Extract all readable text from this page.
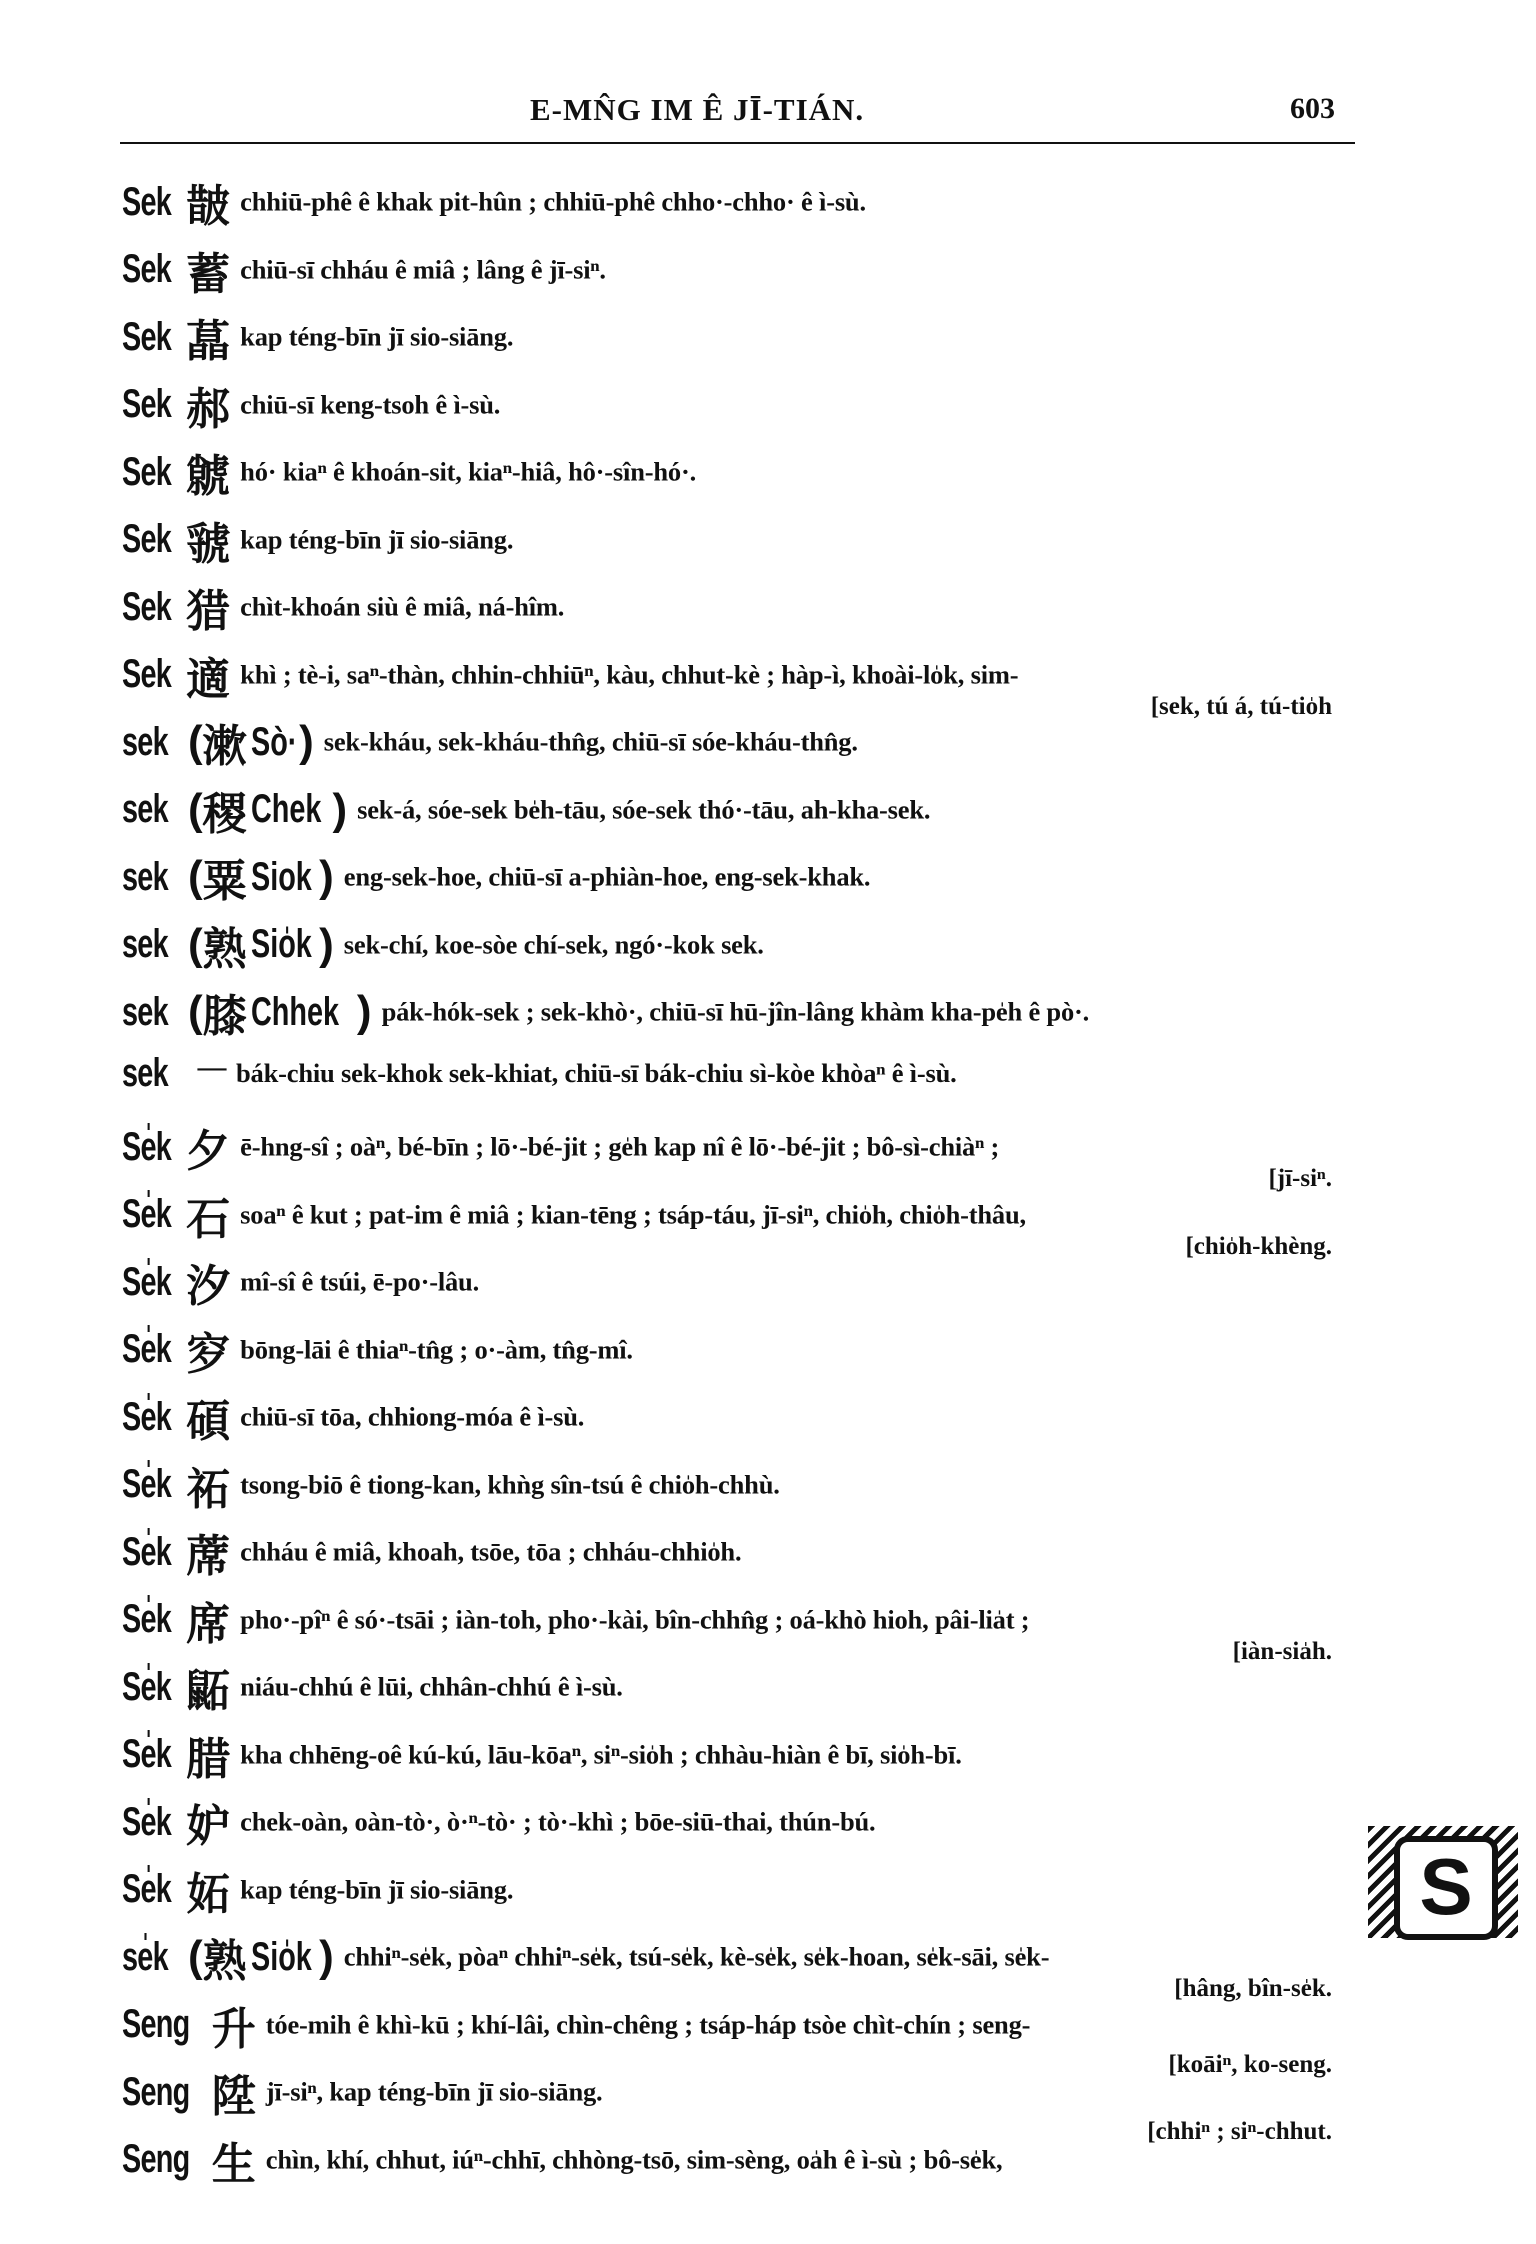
E-MN̂G IM Ê JĪ-TIÁN.	603
Sek 皵 chhiū-phê ê khak pit-hûn ; chhiū-phê chho·-chho· ê ì-sù.
Sek 蓄 chiū-sī chháu ê miâ ; lâng ê jī-siⁿ.
Sek 蕌 kap téng-bīn jī sio-siāng.
Sek 郝 chiū-sī keng-tsoh ê ì-sù.
Sek 虩 hó· kiaⁿ ê khoán-sit, kiaⁿ-hiâ, hô·-sîn-hó·.
Sek 虢 kap téng-bīn jī sio-siāng.
Sek 猎 chìt-khoán siù ê miâ, ná-hîm.
Sek 適 khì ; tè-i, saⁿ-thàn, chhin-chhiūⁿ, kàu, chhut-kè ; hàp-ì, khoài-lo̍k, sim-
[sek, tú á, tú-tio̍h
sek (漱 Sò·) sek-kháu, sek-kháu-thn̂g, chiū-sī sóe-kháu-thn̂g.
sek (稷 Chek ) sek-á, sóe-sek be̍h-tāu, sóe-sek thó·-tāu, ah-kha-sek.
sek (粟 Siok ) eng-sek-hoe, chiū-sī a-phiàn-hoe, eng-sek-khak.
sek (熟 Sio̍k ) sek-chí, koe-sòe chí-sek, ngó·-kok sek.
sek (膝 Chhek ) pák-hók-sek ; sek-khò·, chiū-sī hū-jîn-lâng khàm kha-pe̍h ê pò·.
sek — bák-chiu sek-khok sek-khiat, chiū-sī bák-chiu sì-kòe khòaⁿ ê ì-sù.
Se̍k 夕 ē-hng-sî ; oàⁿ, bé-bīn ; lō·-bé-jit ; ge̍h kap nî ê lō·-bé-jit ; bô-sì-chiàⁿ ;
[jī-siⁿ.
Se̍k 石 soaⁿ ê kut ; pat-im ê miâ ; kian-tēng ; tsáp-táu, jī-siⁿ, chio̍h, chio̍h-thâu,
[chio̍h-khèng.
Se̍k 汐 mî-sî ê tsúi, ē-po·-lâu.
Se̍k 穸 bōng-lāi ê thiaⁿ-tn̂g ; o·-àm, tn̂g-mî.
Se̍k 碩 chiū-sī tōa, chhiong-móa ê ì-sù.
Se̍k 祏 tsong-biō ê tiong-kan, khǹg sîn-tsú ê chio̍h-chhù.
Se̍k 蓆 chháu ê miâ, khoah, tsōe, tōa ; chháu-chhio̍h.
Se̍k 席 pho·-pîⁿ ê só·-tsāi ; iàn-toh, pho·-kài, bîn-chhn̂g ; oá-khò hioh, pâi-lia̍t ;
[iàn-sia̍h.
Se̍k 鼫 niáu-chhú ê lūi, chhân-chhú ê ì-sù.
Se̍k 腊 kha chhēng-oê kú-kú, lāu-kōaⁿ, siⁿ-sio̍h ; chhàu-hiàn ê bī, sio̍h-bī.
Se̍k 妒 chek-oàn, oàn-tò·, ò·ⁿ-tò· ; tò·-khì ; bōe-siū-thai, thún-bú.
Se̍k 妬 kap téng-bīn jī sio-siāng.
se̍k (熟 Sio̍k ) chhiⁿ-se̍k, pòaⁿ chhiⁿ-se̍k, tsú-se̍k, kè-se̍k, se̍k-hoan, se̍k-sāi, se̍k-
[hâng, bîn-se̍k.
Seng 升 tóe-mih ê khì-kū ; khí-lâi, chìn-chêng ; tsáp-háp tsòe chìt-chín ; seng-
[koāiⁿ, ko-seng.
Seng 陞 jī-siⁿ, kap téng-bīn jī sio-siāng.
[chhiⁿ ; siⁿ-chhut.
Seng 生 chìn, khí, chhut, iúⁿ-chhī, chhòng-tsō, sim-sèng, oa̍h ê ì-sù ; bô-se̍k,
S
